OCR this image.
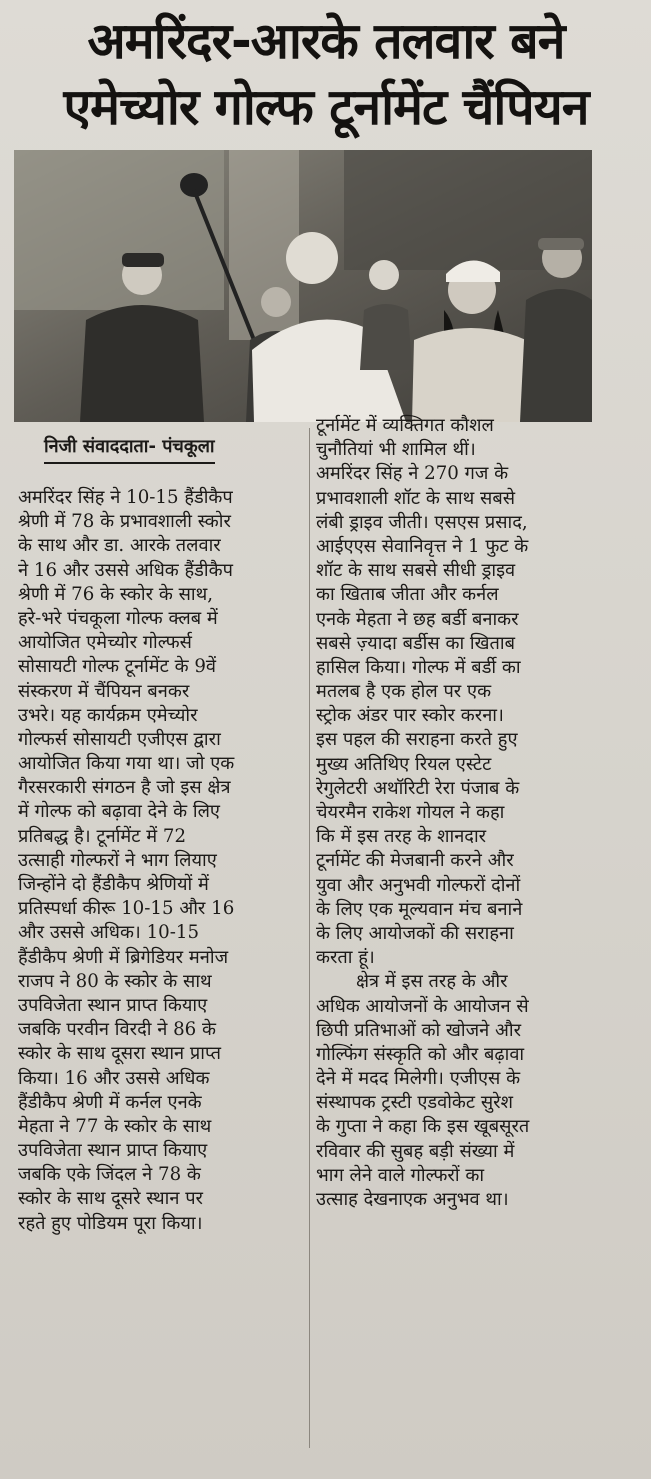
अमरिंदर-आरके तलवार बने
एमेच्योर गोल्फ टूर्नामेंट चैंपियन
निजी संवाददाता- पंचकूला
अमरिंदर सिंह ने 10-15 हैंडीकैप
श्रेणी में 78 के प्रभावशाली स्कोर
के साथ और डा. आरके तलवार
ने 16 और उससे अधिक हैंडीकैप
श्रेणी में 76 के स्कोर के साथ,
हरे-भरे पंचकूला गोल्फ क्लब में
आयोजित एमेच्योर गोल्फर्स
सोसायटी गोल्फ टूर्नामेंट के 9वें
संस्करण में चैंपियन बनकर
उभरे। यह कार्यक्रम एमेच्योर
गोल्फर्स सोसायटी एजीएस द्वारा
आयोजित किया गया था। जो एक
गैरसरकारी संगठन है जो इस क्षेत्र
में गोल्फ को बढ़ावा देने के लिए
प्रतिबद्ध है। टूर्नामेंट में 72
उत्साही गोल्फरों ने भाग लियाए
जिन्होंने दो हैंडीकैप श्रेणियों में
प्रतिस्पर्धा कीरू 10-15 और 16
और उससे अधिक। 10-15
हैंडीकैप श्रेणी में ब्रिगेडियर मनोज
राजप ने 80 के स्कोर के साथ
उपविजेता स्थान प्राप्त कियाए
जबकि परवीन विरदी ने 86 के
स्कोर के साथ दूसरा स्थान प्राप्त
किया। 16 और उससे अधिक
हैंडीकैप श्रेणी में कर्नल एनके
मेहता ने 77 के स्कोर के साथ
उपविजेता स्थान प्राप्त कियाए
जबकि एके जिंदल ने 78 के
स्कोर के साथ दूसरे स्थान पर
रहते हुए पोडियम पूरा किया।
टूर्नामेंट में व्यक्तिगत कौशल
चुनौतियां भी शामिल थीं।
अमरिंदर सिंह ने 270 गज के
प्रभावशाली शॉट के साथ सबसे
लंबी ड्राइव जीती। एसएस प्रसाद,
आईएएस सेवानिवृत्त ने 1 फुट के
शॉट के साथ सबसे सीधी ड्राइव
का खिताब जीता और कर्नल
एनके मेहता ने छह बर्डी बनाकर
सबसे ज़्यादा बर्डीस का खिताब
हासिल किया। गोल्फ में बर्डी का
मतलब है एक होल पर एक
स्ट्रोक अंडर पार स्कोर करना।
इस पहल की सराहना करते हुए
मुख्य अतिथिए रियल एस्टेट
रेगुलेटरी अथॉरिटी रेरा पंजाब के
चेयरमैन राकेश गोयल ने कहा
कि में इस तरह के शानदार
टूर्नामेंट की मेजबानी करने और
युवा और अनुभवी गोल्फरों दोनों
के लिए एक मूल्यवान मंच बनाने
के लिए आयोजकों की सराहना
करता हूं।
क्षेत्र में इस तरह के और
अधिक आयोजनों के आयोजन से
छिपी प्रतिभाओं को खोजने और
गोल्फिंग संस्कृति को और बढ़ावा
देने में मदद मिलेगी। एजीएस के
संस्थापक ट्रस्टी एडवोकेट सुरेश
के गुप्ता ने कहा कि इस खूबसूरत
रविवार की सुबह बड़ी संख्या में
भाग लेने वाले गोल्फरों का
उत्साह देखनाएक अनुभव था।
